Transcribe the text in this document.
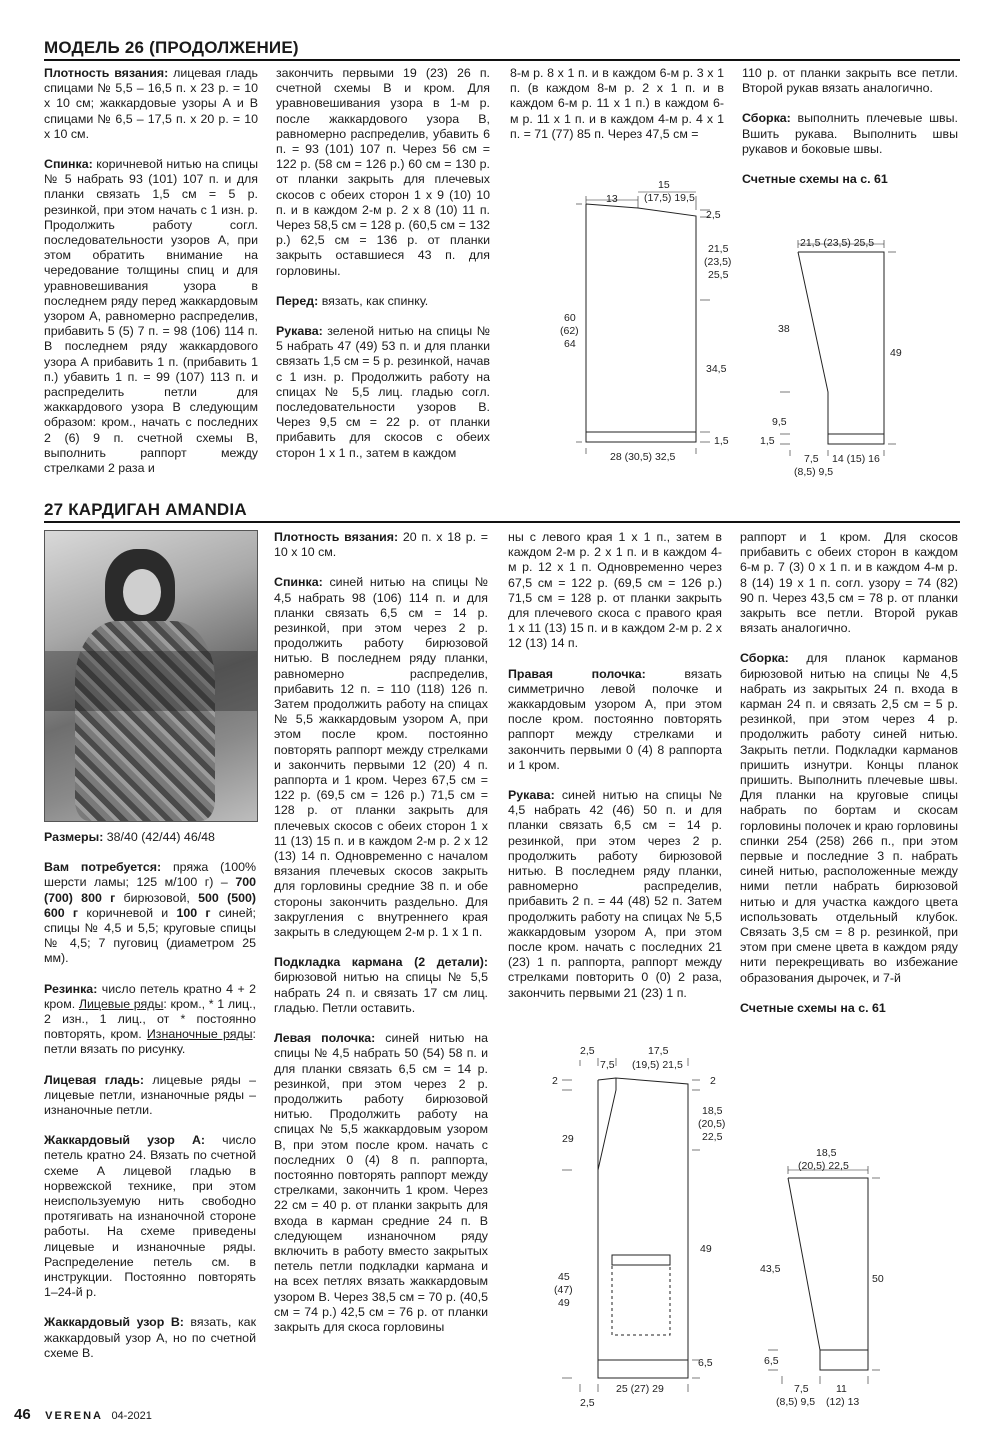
МОДЕЛЬ 26 (ПРОДОЛЖЕНИЕ)

Плотность вязания: лицевая гладь спицами № 5,5 – 16,5 п. х 23 р. = 10 х 10 см; жаккардовые узоры А и В спицами № 6,5 – 17,5 п. х 20 р. = 10 х 10 см.

Спинка: коричневой нитью на спицы № 5 набрать 93 (101) 107 п. и для планки связать 1,5 см = 5 р. резинкой, при этом начать с 1 изн. р. Продолжить работу согл. последовательности узоров А, при этом обратить внимание на чередование толщины спиц и для уравновешивания узора в последнем ряду перед жаккардовым узором А, равномерно распределив, прибавить 5 (5) 7 п. = 98 (106) 114 п. В последнем ряду жаккардового узора А прибавить 1 п. (прибавить 1 п.) убавить 1 п. = 99 (107) 113 п. и распределить петли для жаккардового узора В следующим образом: кром., начать с последних 2 (6) 9 п. счетной схемы В, выполнить раппорт между стрелками 2 раза и

закончить первыми 19 (23) 26 п. счетной схемы В и кром. Для уравновешивания узора в 1-м р. после жаккардового узора В, равномерно распределив, убавить 6 п. = 93 (101) 107 п. Через 56 см = 122 р. (58 см = 126 р.) 60 см = 130 р. от планки закрыть для плечевых скосов с обеих сторон 1 х 9 (10) 10 п. и в каждом 2-м р. 2 х 8 (10) 11 п. Через 58,5 см = 128 р. (60,5 см = 132 р.) 62,5 см = 136 р. от планки закрыть оставшиеся 43 п. для горловины.

Перед: вязать, как спинку.

Рукава: зеленой нитью на спицы № 5 набрать 47 (49) 53 п. и для планки связать 1,5 см = 5 р. резинкой, начав с 1 изн. р. Продолжить работу на спицах № 5,5 лиц. гладью согл. последовательности узоров В. Через 9,5 см = 22 р. от планки прибавить для скосов с обеих сторон 1 х 1 п., затем в каждом

8-м р. 8 х 1 п. и в каждом 6-м р. 3 х 1 п. (в каждом 8-м р. 2 х 1 п. и в каждом 6-м р. 11 х 1 п.) в каждом 6-м р. 11 х 1 п. и в каждом 4-м р. 4 х 1 п. = 71 (77) 85 п. Через 47,5 см =

110 р. от планки закрыть все петли. Второй рукав вязать аналогично.

Сборка: выполнить плечевые швы. Вшить рукава. Выполнить швы рукавов и боковые швы.

Счетные схемы на с. 61

13
15
(17,5) 19,5
2,5
21,5
(23,5)
25,5
60
(62)
64
34,5
1,5
28 (30,5) 32,5
21,5 (23,5) 25,5
38
49
9,5
1,5
7,5
(8,5) 9,5
14 (15) 16
27 КАРДИГАН AMANDIA

Размеры: 38/40 (42/44) 46/48

Вам потребуется: пряжа (100% шерсти ламы; 125 м/100 г) – 700 (700) 800 г бирюзовой, 500 (500) 600 г коричневой и 100 г синей; спицы № 4,5 и 5,5; круговые спицы № 4,5; 7 пуговиц (диаметром 25 мм).

Резинка: число петель кратно 4 + 2 кром. Лицевые ряды: кром., * 1 лиц., 2 изн., 1 лиц., от * постоянно повторять, кром. Изнаночные ряды: петли вязать по рисунку.

Лицевая гладь: лицевые ряды – лицевые петли, изнаночные ряды – изнаночные петли.

Жаккардовый узор А: число петель кратно 24. Вязать по счетной схеме А лицевой гладью в норвежской технике, при этом неиспользуемую нить свободно протягивать на изнаночной стороне работы. На схеме приведены лицевые и изнаночные ряды. Распределение петель см. в инструкции. Постоянно повторять 1–24-й р.

Жаккардовый узор В: вязать, как жаккардовый узор А, но по счетной схеме В.

Плотность вязания: 20 п. х 18 р. = 10 х 10 см.

Спинка: синей нитью на спицы № 4,5 набрать 98 (106) 114 п. и для планки связать 6,5 см = 14 р. резинкой, при этом через 2 р. продолжить работу бирюзовой нитью. В последнем ряду планки, равномерно распределив, прибавить 12 п. = 110 (118) 126 п. Затем продолжить работу на спицах № 5,5 жаккардовым узором А, при этом после кром. постоянно повторять раппорт между стрелками и закончить первыми 12 (20) 4 п. раппорта и 1 кром. Через 67,5 см = 122 р. (69,5 см = 126 р.) 71,5 см = 128 р. от планки закрыть для плечевых скосов с обеих сторон 1 х 11 (13) 15 п. и в каждом 2-м р. 2 х 12 (13) 14 п. Одновременно с началом вязания плечевых скосов закрыть для горловины средние 38 п. и обе стороны закончить раздельно. Для закругления с внутреннего края закрыть в следующем 2-м р. 1 х 1 п.

Подкладка кармана (2 детали): бирюзовой нитью на спицы № 5,5 набрать 24 п. и связать 17 см лиц. гладью. Петли оставить.

Левая полочка: синей нитью на спицы № 4,5 набрать 50 (54) 58 п. и для планки связать 6,5 см = 14 р. резинкой, при этом через 2 р. продолжить работу бирюзовой нитью. Продолжить работу на спицах № 5,5 жаккардовым узором В, при этом после кром. начать с последних 0 (4) 8 п. раппорта, постоянно повторять раппорт между стрелками, закончить 1 кром. Через 22 см = 40 р. от планки закрыть для входа в карман средние 24 п. В следующем изнаночном ряду включить в работу вместо закрытых петель петли подкладки кармана и на всех петлях вязать жаккардовым узором В. Через 38,5 см = 70 р. (40,5 см = 74 р.) 42,5 см = 76 р. от планки закрыть для скоса горловины

ны с левого края 1 х 1 п., затем в каждом 2-м р. 2 х 1 п. и в каждом 4-м р. 12 х 1 п. Одновременно через 67,5 см = 122 р. (69,5 см = 126 р.) 71,5 см = 128 р. от планки закрыть для плечевого скоса с правого края 1 х 11 (13) 15 п. и в каждом 2-м р. 2 х 12 (13) 14 п.

Правая полочка: вязать симметрично левой полочке и жаккардовым узором А, при этом после кром. постоянно повторять раппорт между стрелками и закончить первыми 0 (4) 8 раппорта и 1 кром.

Рукава: синей нитью на спицы № 4,5 набрать 42 (46) 50 п. и для планки связать 6,5 см = 14 р. резинкой, при этом через 2 р. продолжить работу бирюзовой нитью. В последнем ряду планки, равномерно распределив, прибавить 2 п. = 44 (48) 52 п. Затем продолжить работу на спицах № 5,5 жаккардовым узором А, при этом после кром. начать с последних 21 (23) 1 п. раппорта, раппорт между стрелками повторить 0 (0) 2 раза, закончить первыми 21 (23) 1 п.

раппорт и 1 кром. Для скосов прибавить с обеих сторон в каждом 6-м р. 7 (3) 0 х 1 п. и в каждом 4-м р. 8 (14) 19 х 1 п. согл. узору = 74 (82) 90 п. Через 43,5 см = 78 р. от планки закрыть все петли. Второй рукав вязать аналогично.

Сборка: для планок карманов бирюзовой нитью на спицы № 4,5 набрать из закрытых 24 п. входа в карман 24 п. и связать 2,5 см = 5 р. резинкой, при этом через 4 р. продолжить работу синей нитью. Закрыть петли. Подкладки карманов пришить изнутри. Концы планок пришить. Выполнить плечевые швы. Для планки на круговые спицы набрать по бортам и скосам горловины полочек и краю горловины спинки 254 (258) 266 п., при этом первые и последние 3 п. набрать синей нитью, расположенные между ними петли набрать бирюзовой нитью и для участка каждого цвета использовать отдельный клубок. Связать 3,5 см = 8 р. резинкой, при этом при смене цвета в каждом ряду нити перекрещивать во избежание образования дырочек, и 7-й

Счетные схемы на с. 61

2,5	17,5
7,5 (19,5) 21,5
2	2
29
18,5
(20,5)
22,5
49
45
(47)
49
6,5
25 (27) 29
2,5
18,5
(20,5) 22,5
43,5
50
6,5
7,5
(8,5) 9,5
11
(12) 13
46 VERENA 04-2021
